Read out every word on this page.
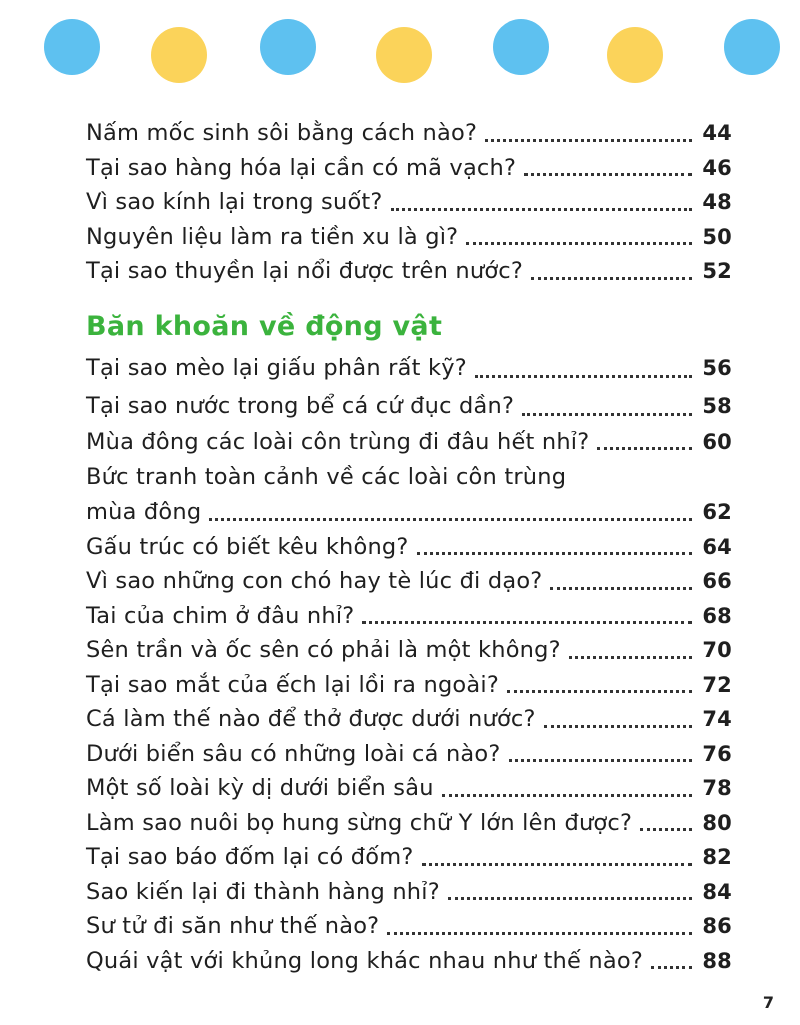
Nấm mốc sinh sôi bằng cách nào?	44
Tại sao hàng hóa lại cần có mã vạch?	46
Vì sao kính lại trong suốt?	48
Nguyên liệu làm ra tiền xu là gì?	50
Tại sao thuyền lại nổi được trên nước?	52
Băn khoăn về động vật
Tại sao mèo lại giấu phân rất kỹ?	56
Tại sao nước trong bể cá cứ đục dần?	58
Mùa đông các loài côn trùng đi đâu hết nhỉ?	60
Bức tranh toàn cảnh về các loài côn trùng
mùa đông	62
Gấu trúc có biết kêu không?	64
Vì sao những con chó hay tè lúc đi dạo?	66
Tai của chim ở đâu nhỉ?	68
Sên trần và ốc sên có phải là một không?	70
Tại sao mắt của ếch lại lồi ra ngoài?	72
Cá làm thế nào để thở được dưới nước?	74
Dưới biển sâu có những loài cá nào?	76
Một số loài kỳ dị dưới biển sâu	78
Làm sao nuôi bọ hung sừng chữ Y lớn lên được?	80
Tại sao báo đốm lại có đốm?	82
Sao kiến lại đi thành hàng nhỉ?	84
Sư tử đi săn như thế nào?	86
Quái vật với khủng long khác nhau như thế nào?	88
7
